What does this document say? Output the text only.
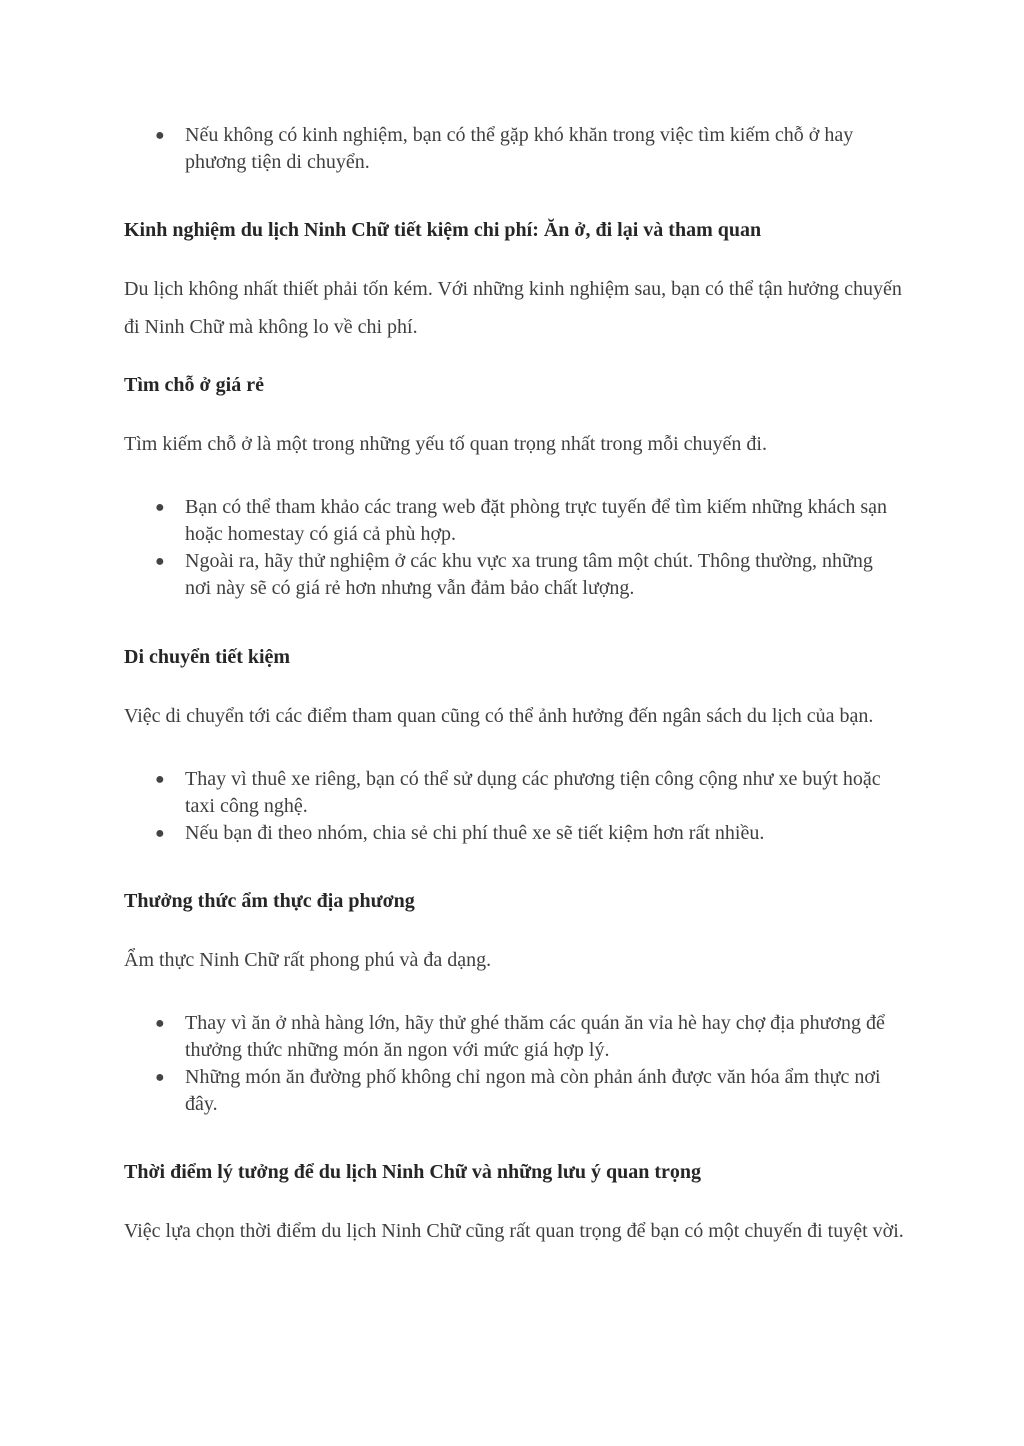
● Nếu không có kinh nghiệm, bạn có thể gặp khó khăn trong việc tìm kiếm chỗ ở hay phương tiện di chuyển.
Kinh nghiệm du lịch Ninh Chữ tiết kiệm chi phí: Ăn ở, đi lại và tham quan
Du lịch không nhất thiết phải tốn kém. Với những kinh nghiệm sau, bạn có thể tận hưởng chuyến đi Ninh Chữ mà không lo về chi phí.
Tìm chỗ ở giá rẻ
Tìm kiếm chỗ ở là một trong những yếu tố quan trọng nhất trong mỗi chuyến đi.
● Bạn có thể tham khảo các trang web đặt phòng trực tuyến để tìm kiếm những khách sạn hoặc homestay có giá cả phù hợp.
● Ngoài ra, hãy thử nghiệm ở các khu vực xa trung tâm một chút. Thông thường, những nơi này sẽ có giá rẻ hơn nhưng vẫn đảm bảo chất lượng.
Di chuyển tiết kiệm
Việc di chuyển tới các điểm tham quan cũng có thể ảnh hưởng đến ngân sách du lịch của bạn.
● Thay vì thuê xe riêng, bạn có thể sử dụng các phương tiện công cộng như xe buýt hoặc taxi công nghệ.
● Nếu bạn đi theo nhóm, chia sẻ chi phí thuê xe sẽ tiết kiệm hơn rất nhiều.
Thưởng thức ẩm thực địa phương
Ẩm thực Ninh Chữ rất phong phú và đa dạng.
● Thay vì ăn ở nhà hàng lớn, hãy thử ghé thăm các quán ăn vỉa hè hay chợ địa phương để thưởng thức những món ăn ngon với mức giá hợp lý.
● Những món ăn đường phố không chỉ ngon mà còn phản ánh được văn hóa ẩm thực nơi đây.
Thời điểm lý tưởng để du lịch Ninh Chữ và những lưu ý quan trọng
Việc lựa chọn thời điểm du lịch Ninh Chữ cũng rất quan trọng để bạn có một chuyến đi tuyệt vời.
